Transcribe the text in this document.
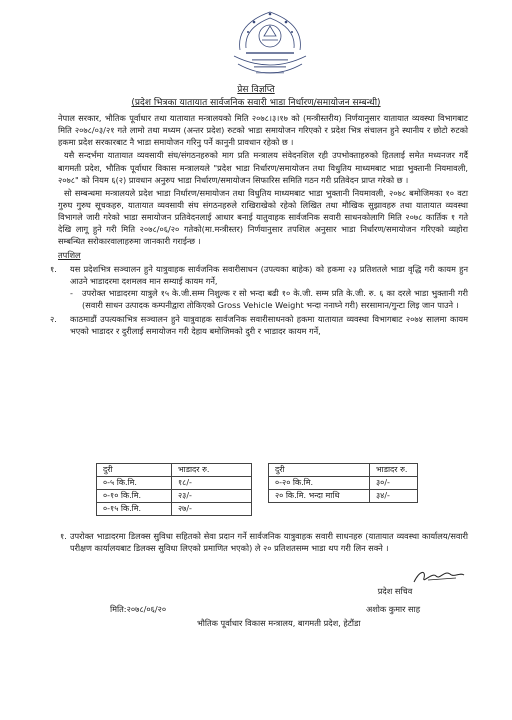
प्रेस विज्ञप्ति
(प्रदेश भित्रका यातायात सार्वजनिक सवारी भाडा निर्धारण/समायोजन सम्बन्धी)

नेपाल सरकार, भौतिक पूर्वाधार तथा यातायात मन्त्रालयको मिति २०७८।३।१७ को (मन्त्रीस्तरीय) निर्णयानुसार यातायात व्यवस्था विभागबाट मिति २०७८/०३/२१ गते लामो तथा मध्यम (अन्तर प्रदेश) रुटको भाडा समायोजन गरिएको र प्रदेश भित्र संचालन हुने स्थानीय र छोटो रुटको हकमा प्रदेश सरकारबाट नै भाडा समायोजन गरिनु पर्ने कानुनी प्रावधान रहेको छ ।

यसै सन्दर्भमा यातायात व्यवसायी संघ/संगठनहरुको माग प्रति मन्त्रालय संवेदनशिल रही उपभोक्ताहरुको हितलाई समेत मध्यनजर गर्दै बागमती प्रदेश, भौतिक पूर्वाधार विकास मन्त्रालयले "प्रदेश भाडा निर्धारण/समायोजन तथा विधुतिय माध्यमबाट भाडा भुक्तानी नियमावली, २०७८" को नियम ६(२) प्रावधान अनुरुप भाडा निर्धारण/समायोजन सिफारिस समिति गठन गरी प्रतिवेदन प्राप्त गरेको छ ।

सो सम्बन्धमा मन्त्रालयले प्रदेश भाडा निर्धारण/समायोजन तथा विधुतिय माध्यमबाट भाडा भुक्तानी नियमावली, २०७८ बमोजिमका १० वटा गुरुघ गुरुघ सूचकहरु, यातायात व्यवसायी संघ संगठनहरुले राखिराखेको रहेको लिखित तथा मौखिक सुझावहरु तथा यातायात व्यवस्था विभागले जारी गरेको भाडा समायोजन प्रतिवेदनलाई आधार बनाई यातुवाहक सार्वजनिक सवारी साधनकोलागि मिति २०७८ कार्तिक १ गते देखि लागू हुने गरी मिति २०७८/०६/२० गतेको(मा.मन्त्रीस्तर) निर्णयानुसार तपशिल अनुसार भाडा निर्धारण/समायोजन गरिएको व्यहोरा सम्बन्धित सरोकारवालाहरुमा जानकारी गराईन्छ ।

तपशिल
१. यस प्रदेशभित्र सञ्चालन हुने यात्रुवाहक सार्वजनिक सवारीसाधन (उपत्यका बाहेक) को हकमा २३ प्रतिशतले भाडा वृद्धि गरी कायम हुन आउने भाडादरमा दशमलव मान सम्याई कायम गर्ने,
- उपरोक्त भाडादरमा यात्रुले १५ के.जी.सम्म निशुल्क र सो भन्दा बढी १० के.जी. सम्म प्रति के.जी. रु. ६ का दरले भाडा भुक्तानी गरी (सवारी साधन उत्पादक कम्पनीद्वारा तोकिएको Gross Vehicle Weight भन्दा ननाघ्ने गरी) सरसामान/गुन्टा लिइ जान पाउने ।
२. काठमाडौं उपत्यकाभित्र सञ्चालन हुने यात्रुवाहक सार्वजनिक सवारीसाधनको हकमा यातायात व्यवस्था विभागबाट २०७४ सालमा कायम भएको भाडादर र दुरीलाई समायोजन गरी देहाय बमोजिमको दुरी र भाडादर कायम गर्ने,
दुरी	भाडादर रु.
०-५ कि.मि.	१८/-
०-१० कि.मि.	२३/-
०-१५ कि.मि.	२७/-
दुरी	भाडादर रु.
०-२० कि.मि.	३०/-
२० कि.मि. भन्दा माथि	३४/-
१. उपरोक्त भाडादरमा डिलक्स सुविधा सहितको सेवा प्रदान गर्ने सार्वजनिक यात्रुवाहक सवारी साधनहरु (यातायात व्यवस्था कार्यालय/सवारी परीक्षण कार्यालयबाट डिलक्स सुविधा लिएको प्रमाणित भएको) ले २० प्रतिशतसम्म भाडा थप गरी लिन सक्ने ।
प्रदेश सचिव
मिति:२०७८/०६/२०	अशोक कुमार साह
भौतिक पूर्वाधार विकास मन्त्रालय, बागमती प्रदेश, हेटौंडा
